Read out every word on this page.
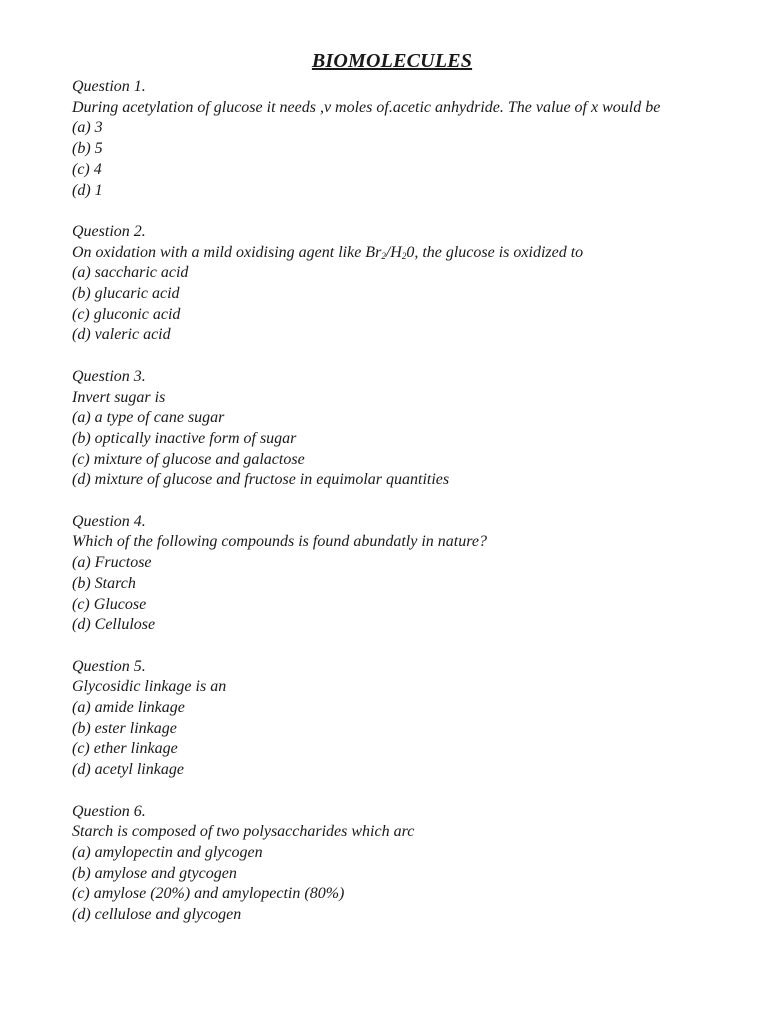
BIOMOLECULES

Question 1.

During acetylation of glucose it needs ,v moles of.acetic anhydride. The value of x would be

(a) 3
(b) 5
(c) 4
(d) 1

Question 2.

On oxidation with a mild oxidising agent like $Br_2/H_20$, the glucose is oxidized to

(a) saccharic acid
(b) glucaric acid
(c) gluconic acid
(d) valeric acid

Question 3.

Invert sugar is

(a) a type of cane sugar
(b) optically inactive form of sugar
(c) mixture of glucose and galactose
(d) mixture of glucose and fructose in equimolar quantities

Question 4.

Which of the following compounds is found abundatly in nature?

(a) Fructose
(b) Starch
(c) Glucose
(d) Cellulose

Question 5.

Glycosidic linkage is an

(a) amide linkage
(b) ester linkage
(c) ether linkage
(d) acetyl linkage

Question 6.

Starch is composed of two polysaccharides which arc

(a) amylopectin and glycogen
(b) amylose and gtycogen
(c) amylose (20%) and amylopectin (80%)
(d) cellulose and glycogen
